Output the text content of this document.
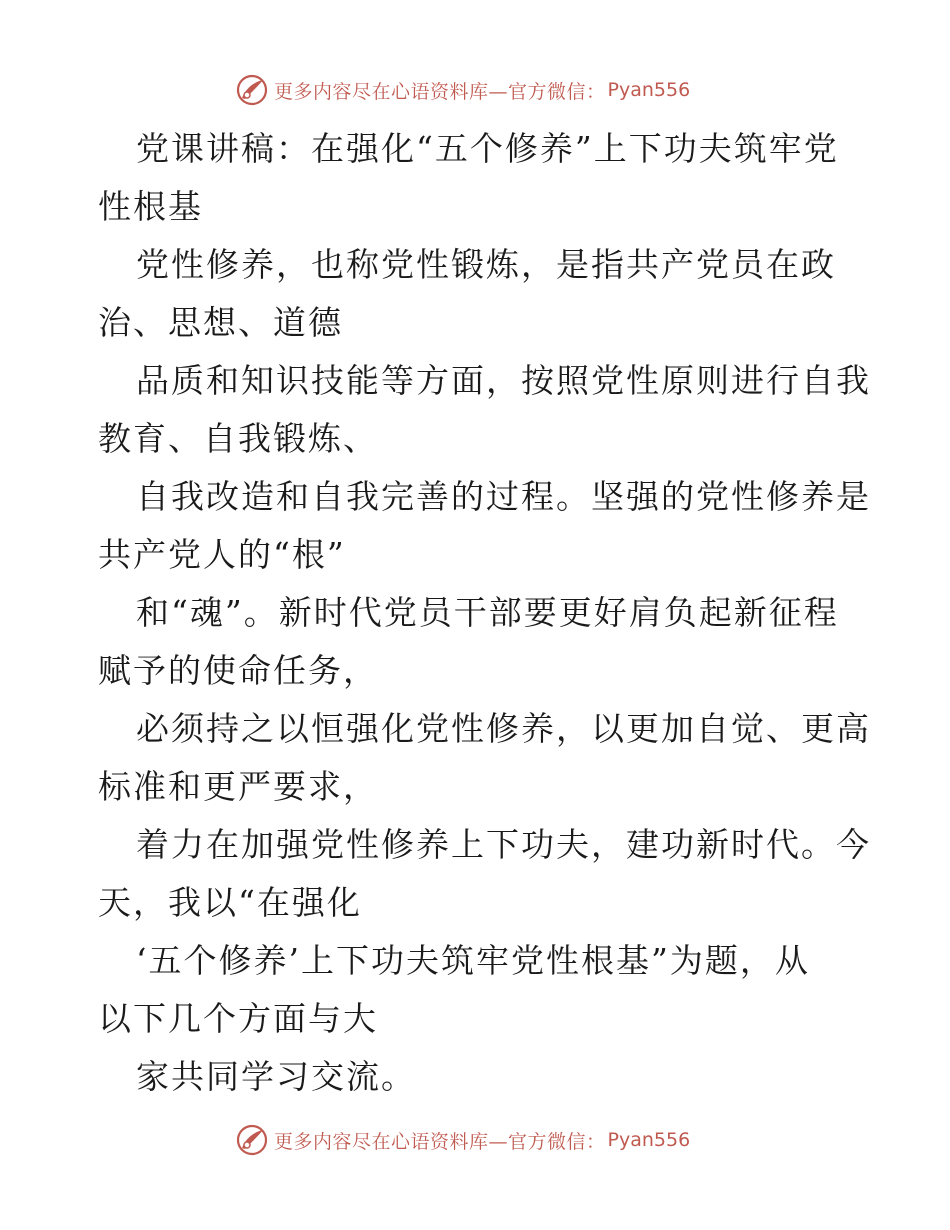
更多内容尽在心语资料库—官方微信： Pyan556
党课讲稿：在强化“五个修养”上下功夫筑牢党
性根基
党性修养，也称党性锻炼，是指共产党员在政
治、思想、道德
品质和知识技能等方面，按照党性原则进行自我
教育、自我锻炼、
自我改造和自我完善的过程。坚强的党性修养是
共产党人的“根”
和“魂”。新时代党员干部要更好肩负起新征程
赋予的使命任务，
必须持之以恒强化党性修养，以更加自觉、更高
标准和更严要求，
着力在加强党性修养上下功夫，建功新时代。今
天，我以“在强化
‘五个修养’上下功夫筑牢党性根基”为题，从
以下几个方面与大
家共同学习交流。
更多内容尽在心语资料库—官方微信： Pyan556
